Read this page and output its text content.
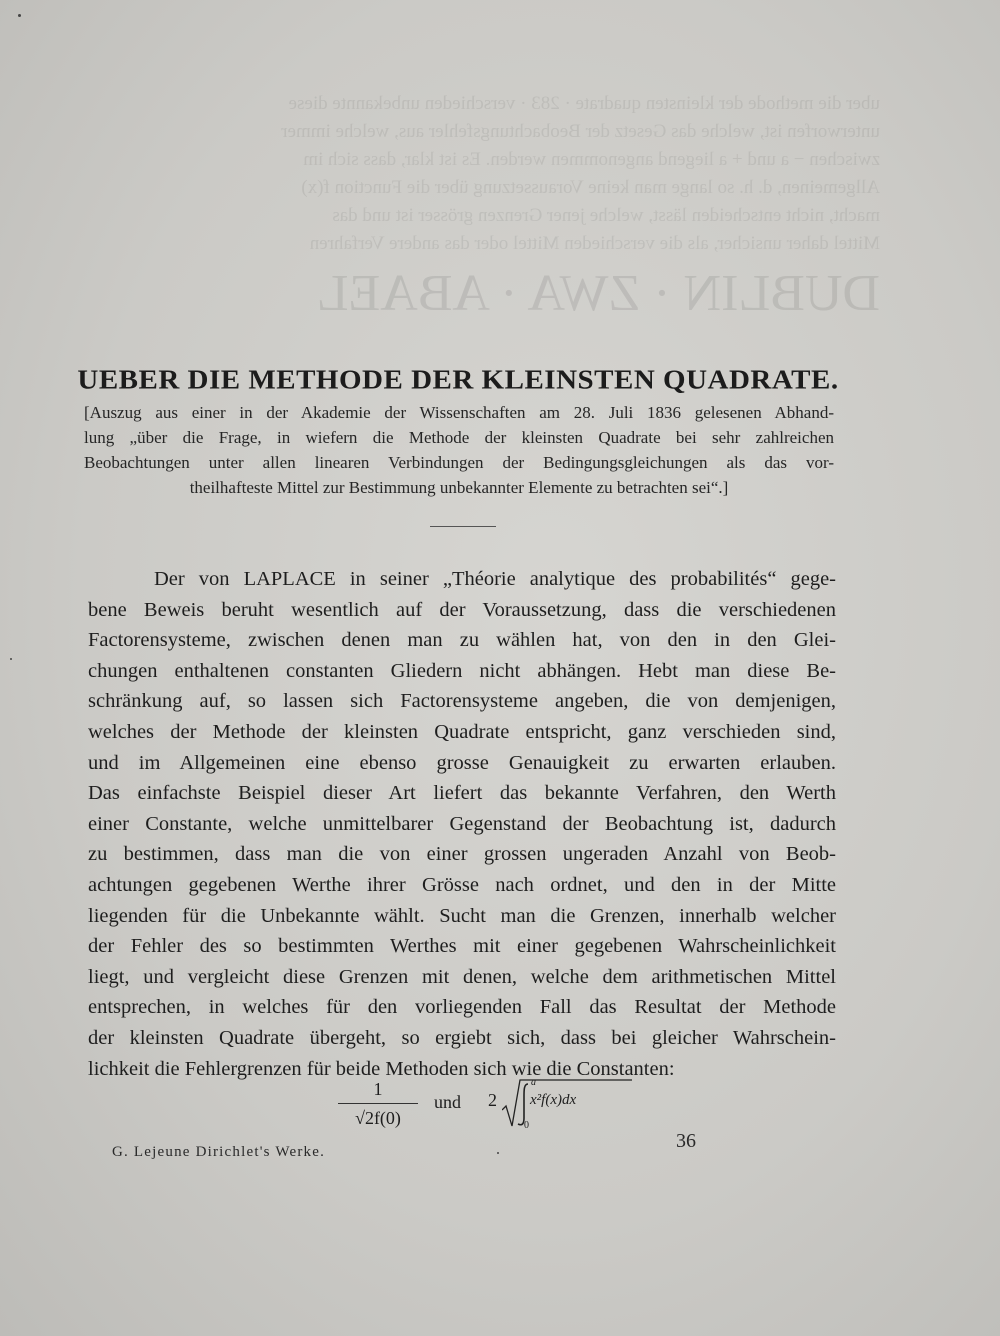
uber die methode der kleinsten quadrate · 283 · verschieden unbekannte diese
unterworfen ist, welche das Gesetz der Beobachtungsfehler aus, welche immer
zwischen − a und + a liegend angenommen werden. Es ist klar, dass sich im
Allgemeinen, d. h. so lange man keine Voraussetzung über die Function f(x)
macht, nicht entscheiden lässt, welche jener Grenzen grösser ist und das
Mittel daher unsicher, als die verschieden Mittel oder das andere Verfahren
DUBLIN · ZWA · ABAEL
UEBER DIE METHODE DER KLEINSTEN QUADRATE.
[Auszug aus einer in der Akademie der Wissenschaften am 28. Juli 1836 gelesenen Abhand-
lung „über die Frage, in wiefern die Methode der kleinsten Quadrate bei sehr zahlreichen
Beobachtungen unter allen linearen Verbindungen der Bedingungsgleichungen als das vor-
theilhafteste Mittel zur Bestimmung unbekannter Elemente zu betrachten sei“.]
Der von LAPLACE in seiner „Théorie analytique des probabilités“ gege-
bene Beweis beruht wesentlich auf der Voraussetzung, dass die verschiedenen
Factorensysteme, zwischen denen man zu wählen hat, von den in den Glei-
chungen enthaltenen constanten Gliedern nicht abhängen. Hebt man diese Be-
schränkung auf, so lassen sich Factorensysteme angeben, die von demjenigen,
welches der Methode der kleinsten Quadrate entspricht, ganz verschieden sind,
und im Allgemeinen eine ebenso grosse Genauigkeit zu erwarten erlauben.
Das einfachste Beispiel dieser Art liefert das bekannte Verfahren, den Werth
einer Constante, welche unmittelbarer Gegenstand der Beobachtung ist, dadurch
zu bestimmen, dass man die von einer grossen ungeraden Anzahl von Beob-
achtungen gegebenen Werthe ihrer Grösse nach ordnet, und den in der Mitte
liegenden für die Unbekannte wählt. Sucht man die Grenzen, innerhalb welcher
der Fehler des so bestimmten Werthes mit einer gegebenen Wahrscheinlichkeit
liegt, und vergleicht diese Grenzen mit denen, welche dem arithmetischen Mittel
entsprechen, in welches für den vorliegenden Fall das Resultat der Methode
der kleinsten Quadrate übergeht, so ergiebt sich, dass bei gleicher Wahrschein-
lichkeit die Fehlergrenzen für beide Methoden sich wie die Constanten:
1
√2f(0)
und 2
a
x²f(x)dx
0
G. Lejeune Dirichlet's Werke.	36
